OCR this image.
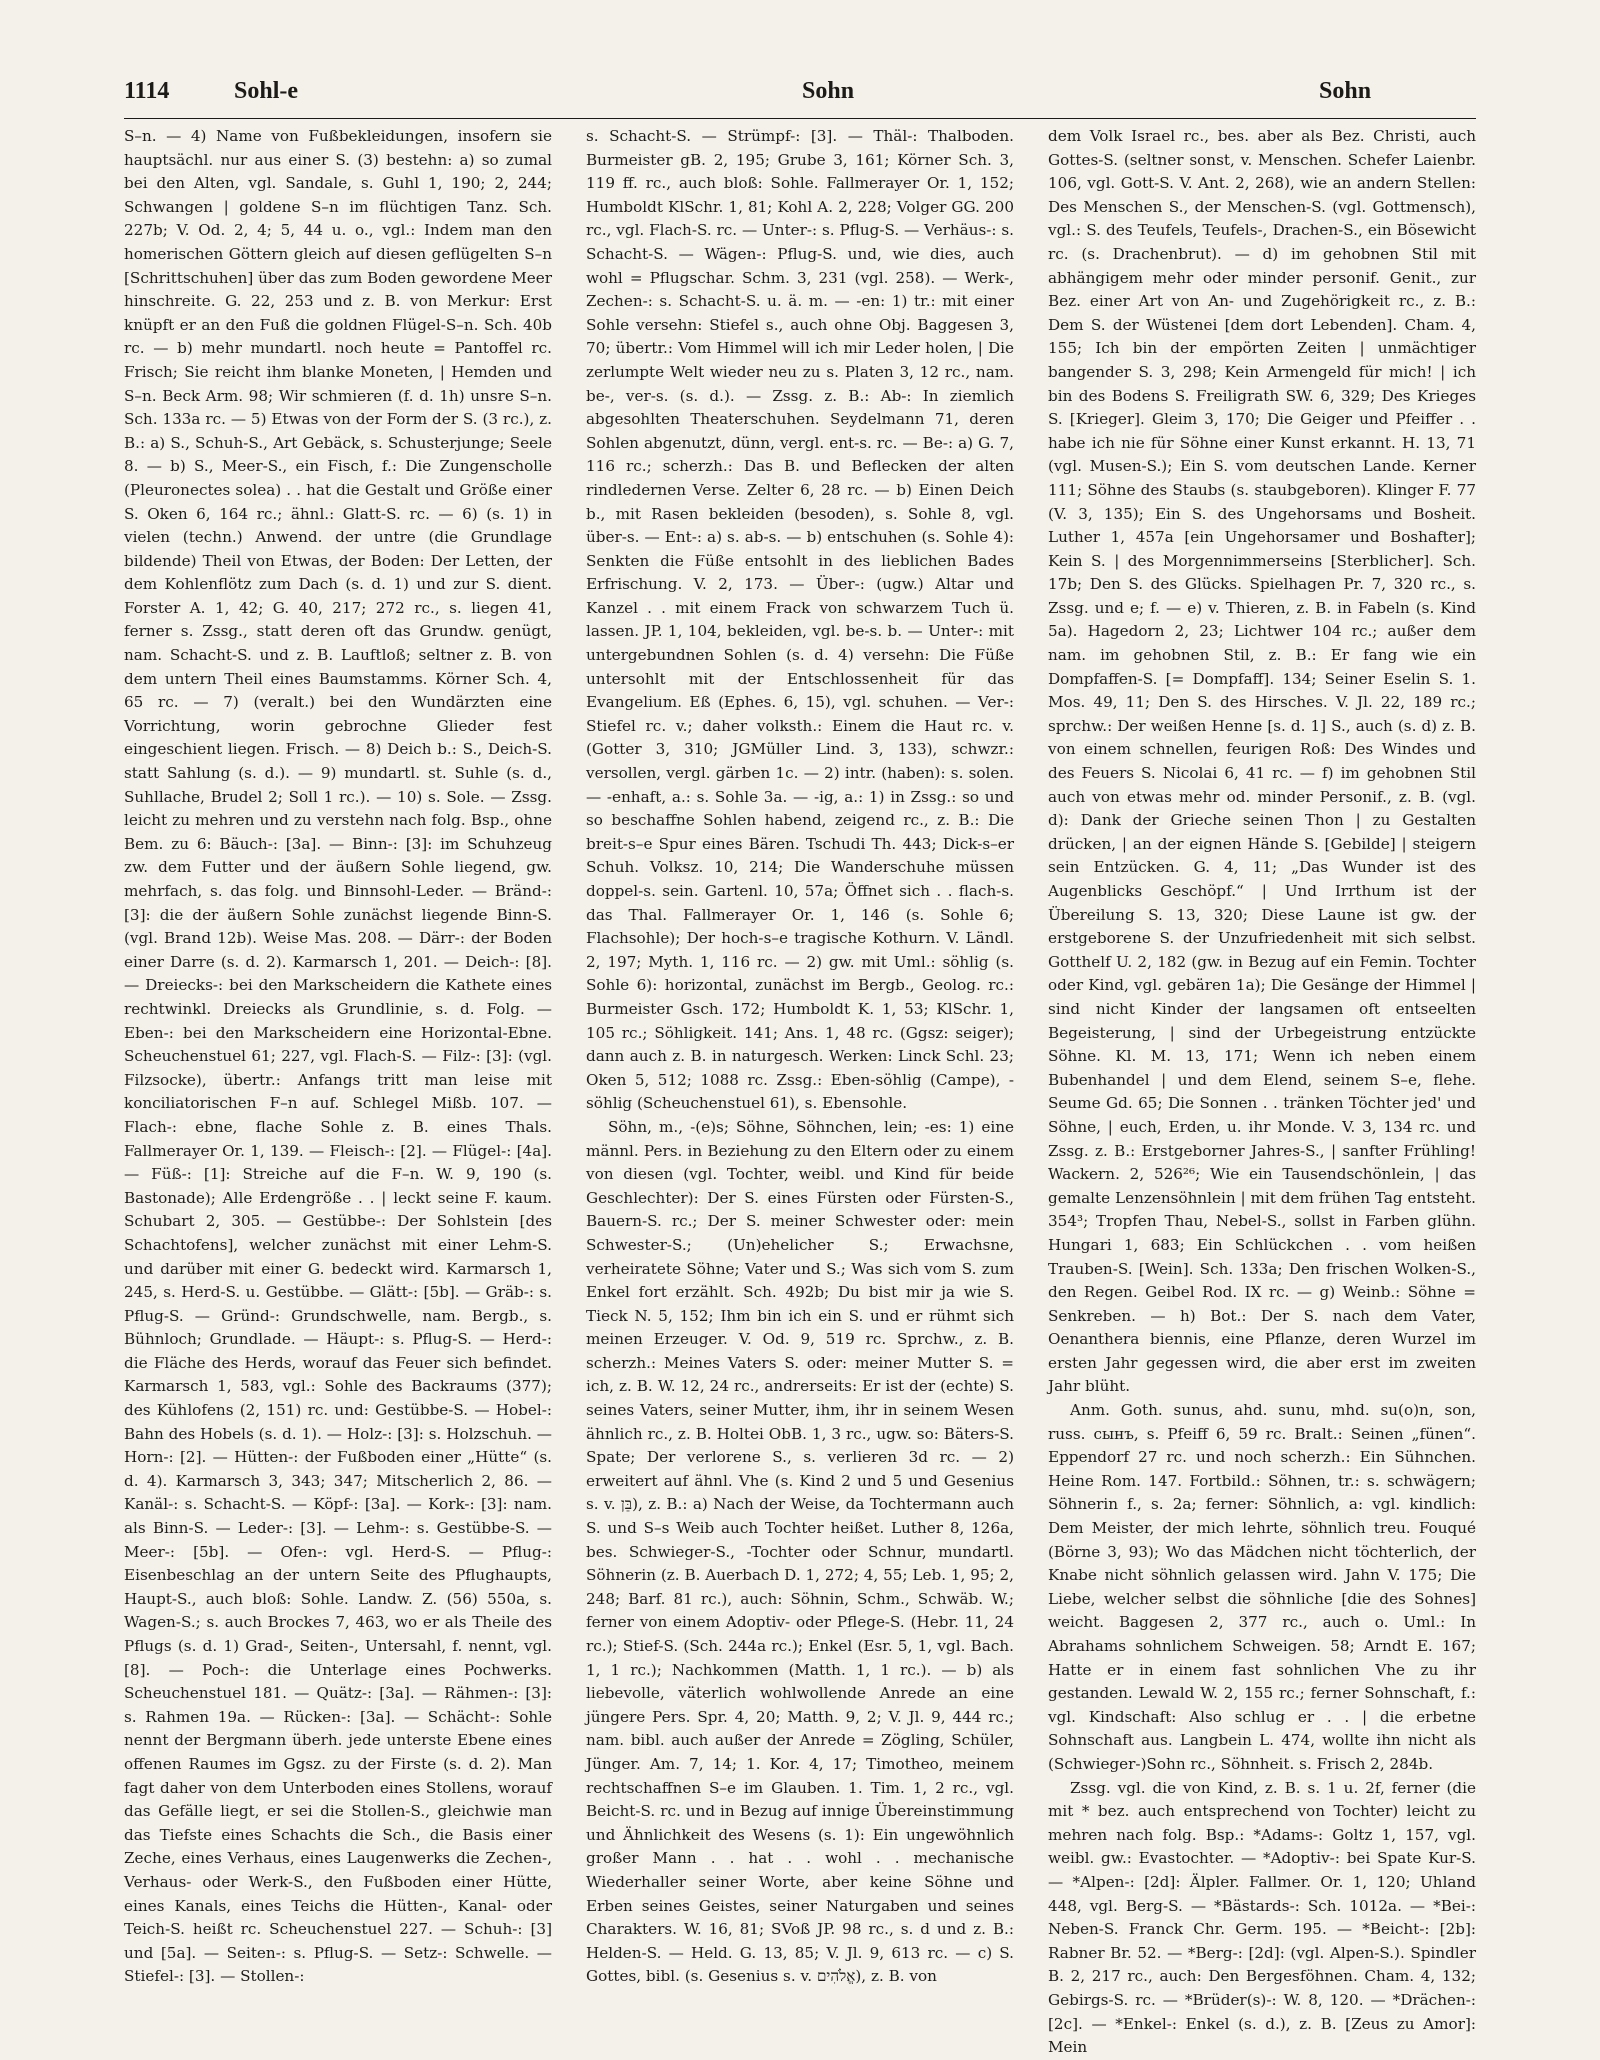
1114	Sohl-e	Sohn	Sohn

S–n. — 4) Name von Fußbekleidungen, insofern sie hauptsächl. nur aus einer S. (3) bestehn: a) so zumal bei den Alten, vgl. Sandale, s. Guhl 1, 190; 2, 244; Schwangen | goldene S–n im flüchtigen Tanz. Sch. 227b; V. Od. 2, 4; 5, 44 u. o., vgl.: Indem man den homerischen Göttern gleich auf diesen geflügelten S–n [Schrittschuhen] über das zum Boden gewordene Meer hinschreite. G. 22, 253 und z. B. von Merkur: Erst knüpft er an den Fuß die goldnen Flügel-S–n. Sch. 40b rc. — b) mehr mundartl. noch heute = Pantoffel rc. Frisch; Sie reicht ihm blanke Moneten, | Hemden und S–n. Beck Arm. 98; Wir schmieren (f. d. 1h) unsre S–n. Sch. 133a rc. — 5) Etwas von der Form der S. (3 rc.), z. B.: a) S., Schuh-S., Art Gebäck, s. Schusterjunge; Seele 8. — b) S., Meer-S., ein Fisch, f.: Die Zungenscholle (Pleuronectes solea) . . hat die Gestalt und Größe einer S. Oken 6, 164 rc.; ähnl.: Glatt-S. rc. — 6) (s. 1) in vielen (techn.) Anwend. der untre (die Grundlage bildende) Theil von Etwas, der Boden: Der Letten, der dem Kohlenflötz zum Dach (s. d. 1) und zur S. dient. Forster A. 1, 42; G. 40, 217; 272 rc., s. liegen 41, ferner s. Zssg., statt deren oft das Grundw. genügt, nam. Schacht-S. und z. B. Lauftloß; seltner z. B. von dem untern Theil eines Baumstamms. Körner Sch. 4, 65 rc. — 7) (veralt.) bei den Wundärzten eine Vorrichtung, worin gebrochne Glieder fest eingeschient liegen. Frisch. — 8) Deich b.: S., Deich-S. statt Sahlung (s. d.). — 9) mundartl. st. Suhle (s. d., Suhllache, Brudel 2; Soll 1 rc.). — 10) s. Sole. — Zssg. leicht zu mehren und zu verstehn nach folg. Bsp., ohne Bem. zu 6: Bäuch-: [3a]. — Binn-: [3]: im Schuhzeug zw. dem Futter und der äußern Sohle liegend, gw. mehrfach, s. das folg. und Binnsohl-Leder. — Bränd-: [3]: die der äußern Sohle zunächst liegende Binn-S. (vgl. Brand 12b). Weise Mas. 208. — Därr-: der Boden einer Darre (s. d. 2). Karmarsch 1, 201. — Deich-: [8]. — Dreiecks-: bei den Markscheidern die Kathete eines rechtwinkl. Dreiecks als Grundlinie, s. d. Folg. — Eben-: bei den Markscheidern eine Horizontal-Ebne. Scheuchenstuel 61; 227, vgl. Flach-S. — Filz-: [3]: (vgl. Filzsocke), übertr.: Anfangs tritt man leise mit konciliatorischen F–n auf. Schlegel Mißb. 107. — Flach-: ebne, flache Sohle z. B. eines Thals. Fallmerayer Or. 1, 139. — Fleisch-: [2]. — Flügel-: [4a]. — Füß-: [1]: Streiche auf die F–n. W. 9, 190 (s. Bastonade); Alle Erdengröße . . | leckt seine F. kaum. Schubart 2, 305. — Gestübbe-: Der Sohlstein [des Schachtofens], welcher zunächst mit einer Lehm-S. und darüber mit einer G. bedeckt wird. Karmarsch 1, 245, s. Herd-S. u. Gestübbe. — Glätt-: [5b]. — Gräb-: s. Pflug-S. — Gründ-: Grundschwelle, nam. Bergb., s. Bühnloch; Grundlade. — Häupt-: s. Pflug-S. — Herd-: die Fläche des Herds, worauf das Feuer sich befindet. Karmarsch 1, 583, vgl.: Sohle des Backraums (377); des Kühlofens (2, 151) rc. und: Gestübbe-S. — Hobel-: Bahn des Hobels (s. d. 1). — Holz-: [3]: s. Holzschuh. — Horn-: [2]. — Hütten-: der Fußboden einer „Hütte“ (s. d. 4). Karmarsch 3, 343; 347; Mitscherlich 2, 86. — Kanäl-: s. Schacht-S. — Köpf-: [3a]. — Kork-: [3]: nam. als Binn-S. — Leder-: [3]. — Lehm-: s. Gestübbe-S. — Meer-: [5b]. — Ofen-: vgl. Herd-S. — Pflug-: Eisenbeschlag an der untern Seite des Pflughaupts, Haupt-S., auch bloß: Sohle. Landw. Z. (56) 550a, s. Wagen-S.; s. auch Brockes 7, 463, wo er als Theile des Pflugs (s. d. 1) Grad-, Seiten-, Untersahl, f. nennt, vgl. [8]. — Poch-: die Unterlage eines Pochwerks. Scheuchenstuel 181. — Quätz-: [3a]. — Rähmen-: [3]: s. Rahmen 19a. — Rücken-: [3a]. — Schächt-: Sohle nennt der Bergmann überh. jede unterste Ebene eines offenen Raumes im Ggsz. zu der Firste (s. d. 2). Man fagt daher von dem Unterboden eines Stollens, worauf das Gefälle liegt, er sei die Stollen-S., gleichwie man das Tiefste eines Schachts die Sch., die Basis einer Zeche, eines Verhaus, eines Laugenwerks die Zechen-, Verhaus- oder Werk-S., den Fußboden einer Hütte, eines Kanals, eines Teichs die Hütten-, Kanal- oder Teich-S. heißt rc. Scheuchenstuel 227. — Schuh-: [3] und [5a]. — Seiten-: s. Pflug-S. — Setz-: Schwelle. — Stiefel-: [3]. — Stollen-:

s. Schacht-S. — Strümpf-: [3]. — Thäl-: Thalboden. Burmeister gB. 2, 195; Grube 3, 161; Körner Sch. 3, 119 ff. rc., auch bloß: Sohle. Fallmerayer Or. 1, 152; Humboldt KlSchr. 1, 81; Kohl A. 2, 228; Volger GG. 200 rc., vgl. Flach-S. rc. — Unter-: s. Pflug-S. — Verhäus-: s. Schacht-S. — Wägen-: Pflug-S. und, wie dies, auch wohl = Pflugschar. Schm. 3, 231 (vgl. 258). — Werk-, Zechen-: s. Schacht-S. u. ä. m. — -en: 1) tr.: mit einer Sohle versehn: Stiefel s., auch ohne Obj. Baggesen 3, 70; übertr.: Vom Himmel will ich mir Leder holen, | Die zerlumpte Welt wieder neu zu s. Platen 3, 12 rc., nam. be-, ver-s. (s. d.). — Zssg. z. B.: Ab-: In ziemlich abgesohlten Theaterschuhen. Seydelmann 71, deren Sohlen abgenutzt, dünn, vergl. ent-s. rc. — Be-: a) G. 7, 116 rc.; scherzh.: Das B. und Beflecken der alten rindledernen Verse. Zelter 6, 28 rc. — b) Einen Deich b., mit Rasen bekleiden (besoden), s. Sohle 8, vgl. über-s. — Ent-: a) s. ab-s. — b) entschuhen (s. Sohle 4): Senkten die Füße entsohlt in des lieblichen Bades Erfrischung. V. 2, 173. — Über-: (ugw.) Altar und Kanzel . . mit einem Frack von schwarzem Tuch ü. lassen. JP. 1, 104, bekleiden, vgl. be-s. b. — Unter-: mit untergebundnen Sohlen (s. d. 4) versehn: Die Füße untersohlt mit der Entschlossenheit für das Evangelium. Eß (Ephes. 6, 15), vgl. schuhen. — Ver-: Stiefel rc. v.; daher volksth.: Einem die Haut rc. v. (Gotter 3, 310; JGMüller Lind. 3, 133), schwzr.: versollen, vergl. gärben 1c. — 2) intr. (haben): s. solen. — -enhaft, a.: s. Sohle 3a. — -ig, a.: 1) in Zssg.: so und so beschaffne Sohlen habend, zeigend rc., z. B.: Die breit-s–e Spur eines Bären. Tschudi Th. 443; Dick-s–er Schuh. Volksz. 10, 214; Die Wanderschuhe müssen doppel-s. sein. Gartenl. 10, 57a; Öffnet sich . . flach-s. das Thal. Fallmerayer Or. 1, 146 (s. Sohle 6; Flachsohle); Der hoch-s–e tragische Kothurn. V. Ländl. 2, 197; Myth. 1, 116 rc. — 2) gw. mit Uml.: söhlig (s. Sohle 6): horizontal, zunächst im Bergb., Geolog. rc.: Burmeister Gsch. 172; Humboldt K. 1, 53; KlSchr. 1, 105 rc.; Söhligkeit. 141; Ans. 1, 48 rc. (Ggsz: seiger); dann auch z. B. in naturgesch. Werken: Linck Schl. 23; Oken 5, 512; 1088 rc. Zssg.: Eben-söhlig (Campe), -söhlig (Scheuchenstuel 61), s. Ebensohle.

Söhn, m., -(e)s; Söhne, Söhnchen, lein; -es: 1) eine männl. Pers. in Beziehung zu den Eltern oder zu einem von diesen (vgl. Tochter, weibl. und Kind für beide Geschlechter): Der S. eines Fürsten oder Fürsten-S., Bauern-S. rc.; Der S. meiner Schwester oder: mein Schwester-S.; (Un)ehelicher S.; Erwachsne, verheiratete Söhne; Vater und S.; Was sich vom S. zum Enkel fort erzählt. Sch. 492b; Du bist mir ja wie S. Tieck N. 5, 152; Ihm bin ich ein S. und er rühmt sich meinen Erzeuger. V. Od. 9, 519 rc. Sprchw., z. B. scherzh.: Meines Vaters S. oder: meiner Mutter S. = ich, z. B. W. 12, 24 rc., andrerseits: Er ist der (echte) S. seines Vaters, seiner Mutter, ihm, ihr in seinem Wesen ähnlich rc., z. B. Holtei ObB. 1, 3 rc., ugw. so: Bäters-S. Spate; Der verlorene S., s. verlieren 3d rc. — 2) erweitert auf ähnl. Vhe (s. Kind 2 und 5 und Gesenius s. v. בֵּן), z. B.: a) Nach der Weise, da Tochtermann auch S. und S–s Weib auch Tochter heißet. Luther 8, 126a, bes. Schwieger-S., -Tochter oder Schnur, mundartl. Söhnerin (z. B. Auerbach D. 1, 272; 4, 55; Leb. 1, 95; 2, 248; Barf. 81 rc.), auch: Söhnin, Schm., Schwäb. W.; ferner von einem Adoptiv- oder Pflege-S. (Hebr. 11, 24 rc.); Stief-S. (Sch. 244a rc.); Enkel (Esr. 5, 1, vgl. Bach. 1, 1 rc.); Nachkommen (Matth. 1, 1 rc.). — b) als liebevolle, väterlich wohlwollende Anrede an eine jüngere Pers. Spr. 4, 20; Matth. 9, 2; V. Jl. 9, 444 rc.; nam. bibl. auch außer der Anrede = Zögling, Schüler, Jünger. Am. 7, 14; 1. Kor. 4, 17; Timotheo, meinem rechtschaffnen S–e im Glauben. 1. Tim. 1, 2 rc., vgl. Beicht-S. rc. und in Bezug auf innige Übereinstimmung und Ähnlichkeit des Wesens (s. 1): Ein ungewöhnlich großer Mann . . hat . . wohl . . mechanische Wiederhaller seiner Worte, aber keine Söhne und Erben seines Geistes, seiner Naturgaben und seines Charakters. W. 16, 81; SVoß JP. 98 rc., s. d und z. B.: Helden-S. — Held. G. 13, 85; V. Jl. 9, 613 rc. — c) S. Gottes, bibl. (s. Gesenius s. v. אֱלֹהִים), z. B. von

dem Volk Israel rc., bes. aber als Bez. Christi, auch Gottes-S. (seltner sonst, v. Menschen. Schefer Laienbr. 106, vgl. Gott-S. V. Ant. 2, 268), wie an andern Stellen: Des Menschen S., der Menschen-S. (vgl. Gottmensch), vgl.: S. des Teufels, Teufels-, Drachen-S., ein Bösewicht rc. (s. Drachenbrut). — d) im gehobnen Stil mit abhängigem mehr oder minder personif. Genit., zur Bez. einer Art von An- und Zugehörigkeit rc., z. B.: Dem S. der Wüstenei [dem dort Lebenden]. Cham. 4, 155; Ich bin der empörten Zeiten | unmächtiger bangender S. 3, 298; Kein Armengeld für mich! | ich bin des Bodens S. Freiligrath SW. 6, 329; Des Krieges S. [Krieger]. Gleim 3, 170; Die Geiger und Pfeiffer . . habe ich nie für Söhne einer Kunst erkannt. H. 13, 71 (vgl. Musen-S.); Ein S. vom deutschen Lande. Kerner 111; Söhne des Staubs (s. staubgeboren). Klinger F. 77 (V. 3, 135); Ein S. des Ungehorsams und Bosheit. Luther 1, 457a [ein Ungehorsamer und Boshafter]; Kein S. | des Morgennimmerseins [Sterblicher]. Sch. 17b; Den S. des Glücks. Spielhagen Pr. 7, 320 rc., s. Zssg. und e; f. — e) v. Thieren, z. B. in Fabeln (s. Kind 5a). Hagedorn 2, 23; Lichtwer 104 rc.; außer dem nam. im gehobnen Stil, z. B.: Er fang wie ein Dompfaffen-S. [= Dompfaff]. 134; Seiner Eselin S. 1. Mos. 49, 11; Den S. des Hirsches. V. Jl. 22, 189 rc.; sprchw.: Der weißen Henne [s. d. 1] S., auch (s. d) z. B. von einem schnellen, feurigen Roß: Des Windes und des Feuers S. Nicolai 6, 41 rc. — f) im gehobnen Stil auch von etwas mehr od. minder Personif., z. B. (vgl. d): Dank der Grieche seinen Thon | zu Gestalten drücken, | an der eignen Hände S. [Gebilde] | steigern sein Entzücken. G. 4, 11; „Das Wunder ist des Augenblicks Geschöpf.“ | Und Irrthum ist der Übereilung S. 13, 320; Diese Laune ist gw. der erstgeborene S. der Unzufriedenheit mit sich selbst. Gotthelf U. 2, 182 (gw. in Bezug auf ein Femin. Tochter oder Kind, vgl. gebären 1a); Die Gesänge der Himmel | sind nicht Kinder der langsamen oft entseelten Begeisterung, | sind der Urbegeistrung entzückte Söhne. Kl. M. 13, 171; Wenn ich neben einem Bubenhandel | und dem Elend, seinem S–e, flehe. Seume Gd. 65; Die Sonnen . . tränken Töchter jed' und Söhne, | euch, Erden, u. ihr Monde. V. 3, 134 rc. und Zssg. z. B.: Erstgeborner Jahres-S., | sanfter Frühling! Wackern. 2, 526²⁶; Wie ein Tausendschönlein, | das gemalte Lenzensöhnlein | mit dem frühen Tag entsteht. 354³; Tropfen Thau, Nebel-S., sollst in Farben glühn. Hungari 1, 683; Ein Schlückchen . . vom heißen Trauben-S. [Wein]. Sch. 133a; Den frischen Wolken-S., den Regen. Geibel Rod. IX rc. — g) Weinb.: Söhne = Senkreben. — h) Bot.: Der S. nach dem Vater, Oenanthera biennis, eine Pflanze, deren Wurzel im ersten Jahr gegessen wird, die aber erst im zweiten Jahr blüht.

Anm. Goth. sunus, ahd. sunu, mhd. su(o)n, son, russ. сынъ, s. Pfeiff 6, 59 rc. Bralt.: Seinen „fünen“. Eppendorf 27 rc. und noch scherzh.: Ein Sühnchen. Heine Rom. 147. Fortbild.: Söhnen, tr.: s. schwägern; Söhnerin f., s. 2a; ferner: Söhnlich, a: vgl. kindlich: Dem Meister, der mich lehrte, söhnlich treu. Fouqué (Börne 3, 93); Wo das Mädchen nicht töchterlich, der Knabe nicht söhnlich gelassen wird. Jahn V. 175; Die Liebe, welcher selbst die söhnliche [die des Sohnes] weicht. Baggesen 2, 377 rc., auch o. Uml.: In Abrahams sohnlichem Schweigen. 58; Arndt E. 167; Hatte er in einem fast sohnlichen Vhe zu ihr gestanden. Lewald W. 2, 155 rc.; ferner Sohnschaft, f.: vgl. Kindschaft: Also schlug er . . | die erbetne Sohnschaft aus. Langbein L. 474, wollte ihn nicht als (Schwieger-)Sohn rc., Söhnheit. s. Frisch 2, 284b.

Zssg. vgl. die von Kind, z. B. s. 1 u. 2f, ferner (die mit * bez. auch entsprechend von Tochter) leicht zu mehren nach folg. Bsp.: *Adams-: Goltz 1, 157, vgl. weibl. gw.: Evastochter. — *Adoptiv-: bei Spate Kur-S. — *Alpen-: [2d]: Älpler. Fallmer. Or. 1, 120; Uhland 448, vgl. Berg-S. — *Bästards-: Sch. 1012a. — *Bei-: Neben-S. Franck Chr. Germ. 195. — *Beicht-: [2b]: Rabner Br. 52. — *Berg-: [2d]: (vgl. Alpen-S.). Spindler B. 2, 217 rc., auch: Den Bergesföhnen. Cham. 4, 132; Gebirgs-S. rc. — *Brüder(s)-: W. 8, 120. — *Drächen-: [2c]. — *Enkel-: Enkel (s. d.), z. B. [Zeus zu Amor]: Mein
